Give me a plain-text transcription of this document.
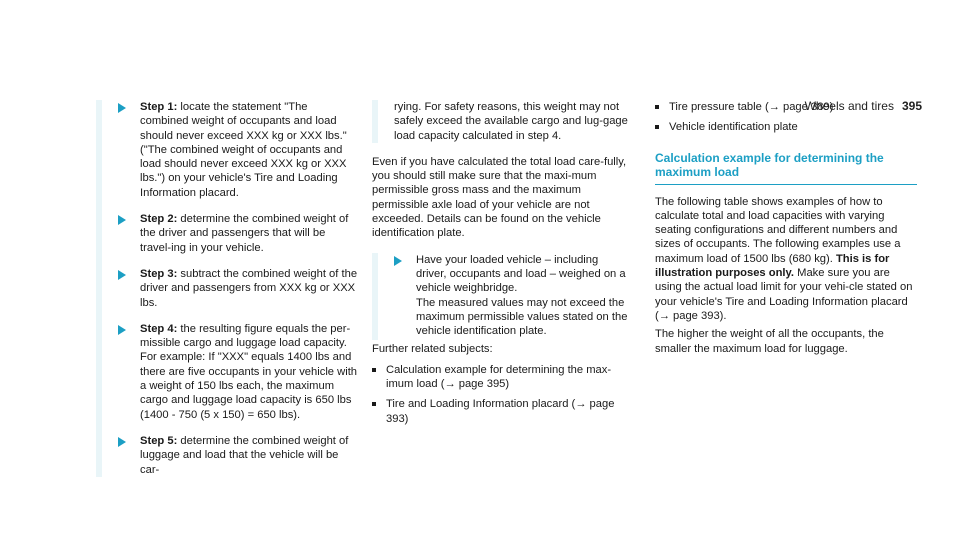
Wheels and tires 395
Step 1: locate the statement "The combined weight of occupants and load should never exceed XXX kg or XXX lbs." ("The combined weight of occupants and load should never exceed XXX kg or XXX lbs.") on your vehicle's Tire and Loading Information placard.
Step 2: determine the combined weight of the driver and passengers that will be travel-ing in your vehicle.
Step 3: subtract the combined weight of the driver and passengers from XXX kg or XXX lbs.
Step 4: the resulting figure equals the per-missible cargo and luggage load capacity. For example: If "XXX" equals 1400 lbs and there are five occupants in your vehicle with a weight of 150 lbs each, the maximum cargo and luggage load capacity is 650 lbs (1400 - 750 (5 x 150) = 650 lbs).
Step 5: determine the combined weight of luggage and load that the vehicle will be car-
rying. For safety reasons, this weight may not safely exceed the available cargo and lug-gage load capacity calculated in step 4.

Even if you have calculated the total load care-fully, you should still make sure that the maxi-mum permissible gross mass and the maximum permissible axle load of your vehicle are not exceeded. Details can be found on the vehicle identification plate.

Have your loaded vehicle – including driver, occupants and load – weighed on a vehicle weighbridge.
The measured values may not exceed the maximum permissible values stated on the vehicle identification plate.
Further related subjects:
Calculation example for determining the max-imum load (→ page 395)
Tire and Loading Information placard (→ page 393)
Tire pressure table (→ page 389)
Vehicle identification plate
Calculation example for determining the maximum load

The following table shows examples of how to calculate total and load capacities with varying seating configurations and different numbers and sizes of occupants. The following examples use a maximum load of 1500 lbs (680 kg). This is for illustration purposes only. Make sure you are using the actual load limit for your vehi-cle stated on your vehicle's Tire and Loading Information placard (→ page 393).

The higher the weight of all the occupants, the smaller the maximum load for luggage.
